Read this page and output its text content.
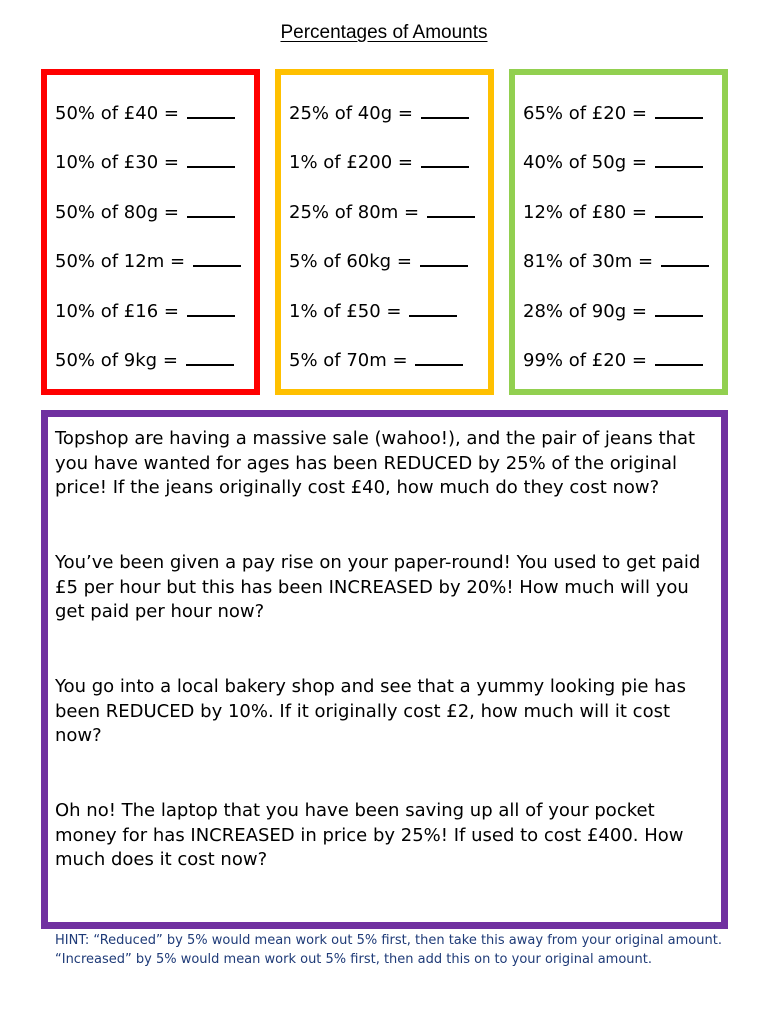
Percentages of Amounts
50% of £40 =
10% of £30 =
50% of 80g =
50% of 12m =
10% of £16 =
50% of 9kg =
25% of 40g =
1% of £200 =
25% of 80m =
5% of 60kg =
1% of £50 =
5% of 70m =
65% of £20 =
40% of 50g =
12% of £80 =
81% of 30m =
28% of 90g =
99% of £20 =

Topshop are having a massive sale (wahoo!), and the pair of jeans that you have wanted for ages has been REDUCED by 25% of the original price! If the jeans originally cost £40, how much do they cost now?

You’ve been given a pay rise on your paper-round! You used to get paid £5 per hour but this has been INCREASED by 20%! How much will you get paid per hour now?

You go into a local bakery shop and see that a yummy looking pie has been REDUCED by 10%. If it originally cost £2, how much will it cost now?

Oh no! The laptop that you have been saving up all of your pocket money for has INCREASED in price by 25%! If used to cost £400. How much does it cost now?

HINT: “Reduced” by 5% would mean work out 5% first, then take this away from your original amount. “Increased” by 5% would mean work out 5% first, then add this on to your original amount.
